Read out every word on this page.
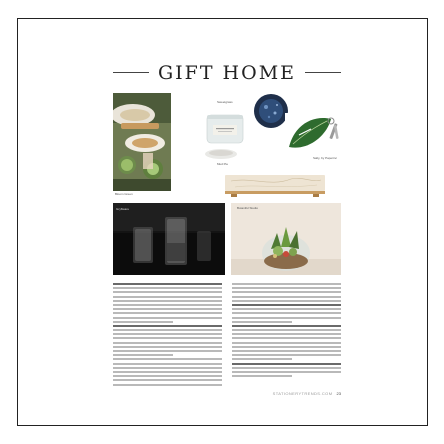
GIFT HOME
Bloom Green
Sweetgrass
Salty, by Paperinc
Mud Pie
Gryftware	Botaniful Studio
STATIONERYTRENDS.COM 23
